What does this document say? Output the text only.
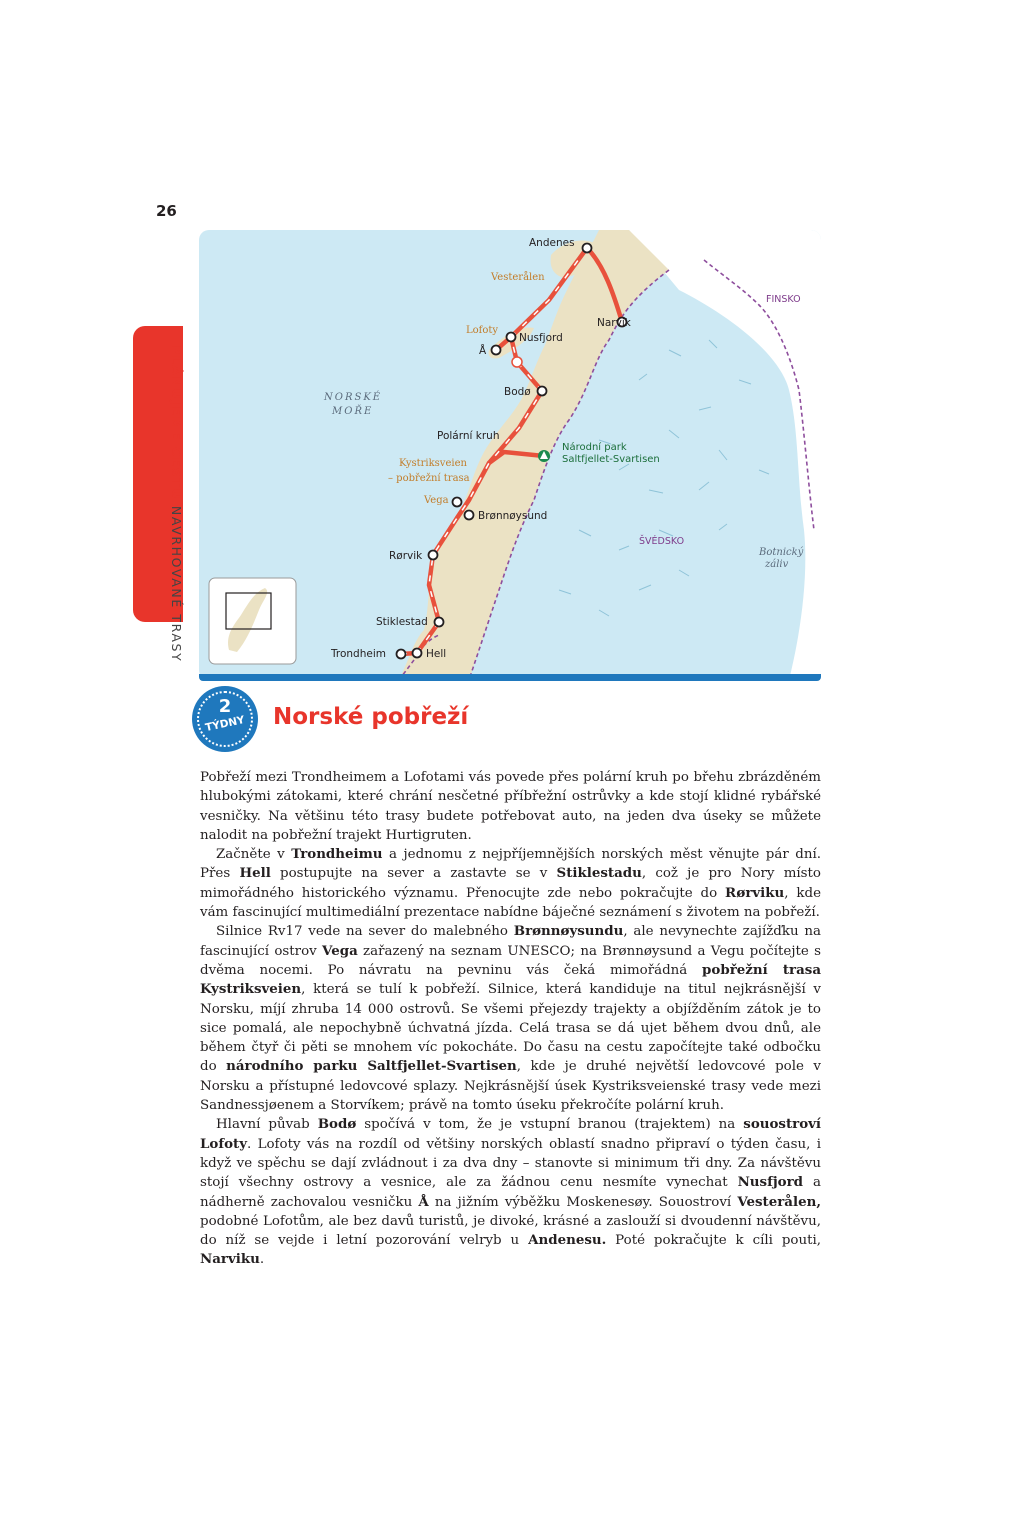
26
PLÁNUJEME CESTU NAVRHOVANÉ TRASY
Andenes
Narvik
Nusfjord
Å
Bodø
Brønnøysund
Rørvik
Stiklestad
Trondheim	Hell
Vesterålen
Lofoty
Polární kruh
Kystriksveien
– pobřežní trasa
Vega
Národní park
Saltfjellet-Svartisen
NORSKÉ
MOŘE
FINSKO
ŠVÉDSKO
Botnický
záliv
2
TÝDNY	Norské pobřeží

Pobřeží mezi Trondheimem a Lofotami vás povede přes polární kruh po břehu zbrázděném hlubokými zátokami, které chrání nesčetné příbřežní ostrůvky a kde stojí klidné rybářské vesničky. Na většinu této trasy budete potřebovat auto, na jeden dva úseky se můžete nalodit na pobřežní trajekt Hurtigruten.

Začněte v Trondheimu a jednomu z nejpříjemnějších norských měst věnujte pár dní. Přes Hell postupujte na sever a zastavte se v Stiklestadu, což je pro Nory místo mimořádného historického významu. Přenocujte zde nebo pokračujte do Rørviku, kde vám fascinující multimediální prezentace nabídne báječné seznámení s životem na pobřeží.

Silnice Rv17 vede na sever do malebného Brønnøysundu, ale nevynechte zajížďku na fascinující ostrov Vega zařazený na seznam UNESCO; na Brønnøysund a Vegu počítejte s dvěma nocemi. Po návratu na pevninu vás čeká mimořádná pobřežní trasa Kystriksveien, která se tulí k pobřeží. Silnice, která kandiduje na titul nejkrásnější v Norsku, míjí zhruba 14 000 ostrovů. Se všemi přejezdy trajekty a objížděním zátok je to sice pomalá, ale nepochybně úchvatná jízda. Celá trasa se dá ujet během dvou dnů, ale během čtyř či pěti se mnohem víc pokocháte. Do času na cestu započítejte také odbočku do národního parku Saltfjellet-Svartisen, kde je druhé největší ledovcové pole v Norsku a přístupné ledovcové splazy. Nejkrásnější úsek Kystriksveienské trasy vede mezi Sandnessjøenem a Storvíkem; právě na tomto úseku překročíte polární kruh.

Hlavní půvab Bodø spočívá v tom, že je vstupní branou (trajektem) na souostroví Lofoty. Lofoty vás na rozdíl od většiny norských oblastí snadno připraví o týden času, i když ve spěchu se dají zvládnout i za dva dny – stanovte si minimum tři dny. Za návštěvu stojí všechny ostrovy a vesnice, ale za žádnou cenu nesmíte vynechat Nusfjord a nádherně zachovalou vesničku Å na jižním výběžku Moskenesøy. Souostroví Vesterålen, podobné Lofotům, ale bez davů turistů, je divoké, krásné a zaslouží si dvoudenní návštěvu, do níž se vejde i letní pozorování velryb u Andenesu. Poté pokračujte k cíli pouti, Narviku.
